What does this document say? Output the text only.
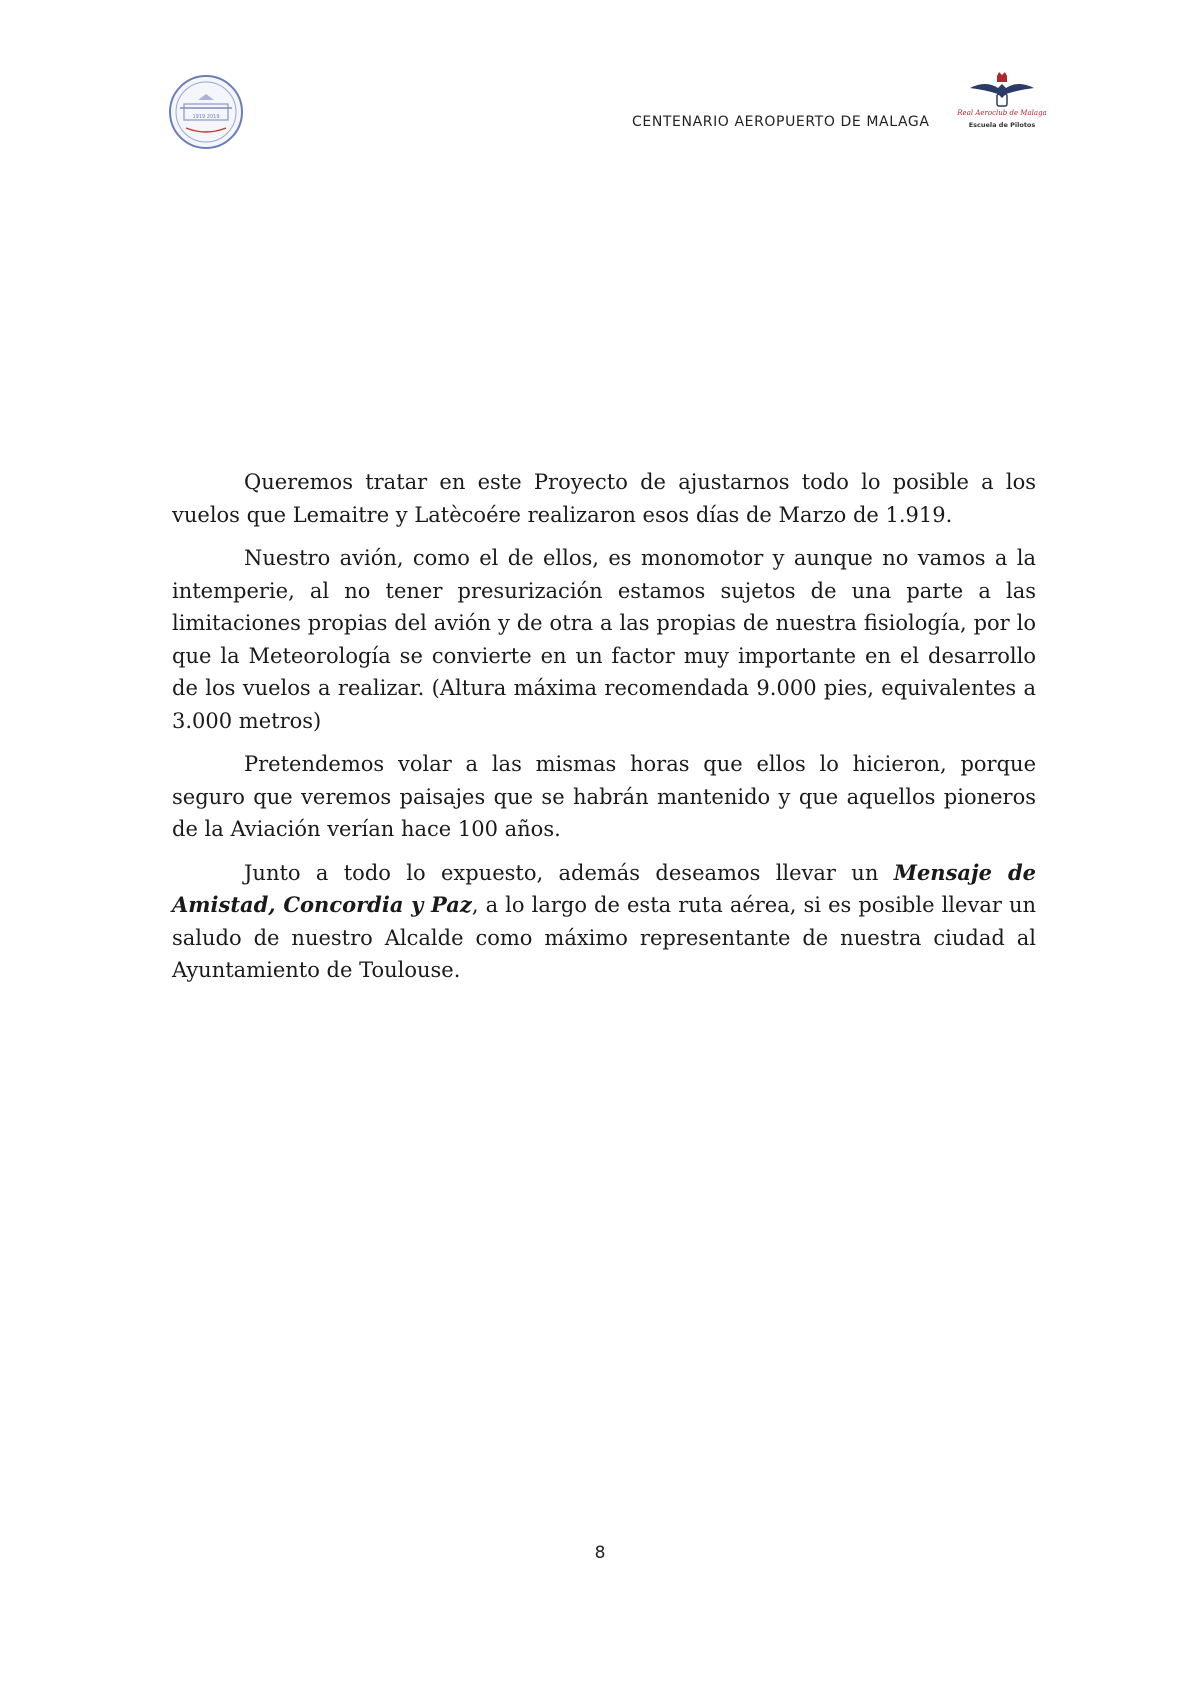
1919 2019	CENTENARIO AEROPUERTO DE MALAGA
Real Aeroclub de Malaga
Escuela de Pilotos

Queremos tratar en este Proyecto de ajustarnos todo lo posible a los vuelos que Lemaitre y Latècoére realizaron esos días de Marzo de 1.919.

Nuestro avión, como el de ellos, es monomotor y aunque no vamos a la intemperie, al no tener presurización estamos sujetos de una parte a las limitaciones propias del avión y de otra a las propias de nuestra fisiología, por lo que la Meteorología se convierte en un factor muy importante en el desarrollo de los vuelos a realizar. (Altura máxima recomendada 9.000 pies, equivalentes a 3.000 metros)

Pretendemos volar a las mismas horas que ellos lo hicieron, porque seguro que veremos paisajes que se habrán mantenido y que aquellos pioneros de la Aviación verían hace 100 años.

Junto a todo lo expuesto, además deseamos llevar un Mensaje de Amistad, Concordia y Paz, a lo largo de esta ruta aérea, si es posible llevar un saludo de nuestro Alcalde como máximo representante de nuestra ciudad al Ayuntamiento de Toulouse.

8
